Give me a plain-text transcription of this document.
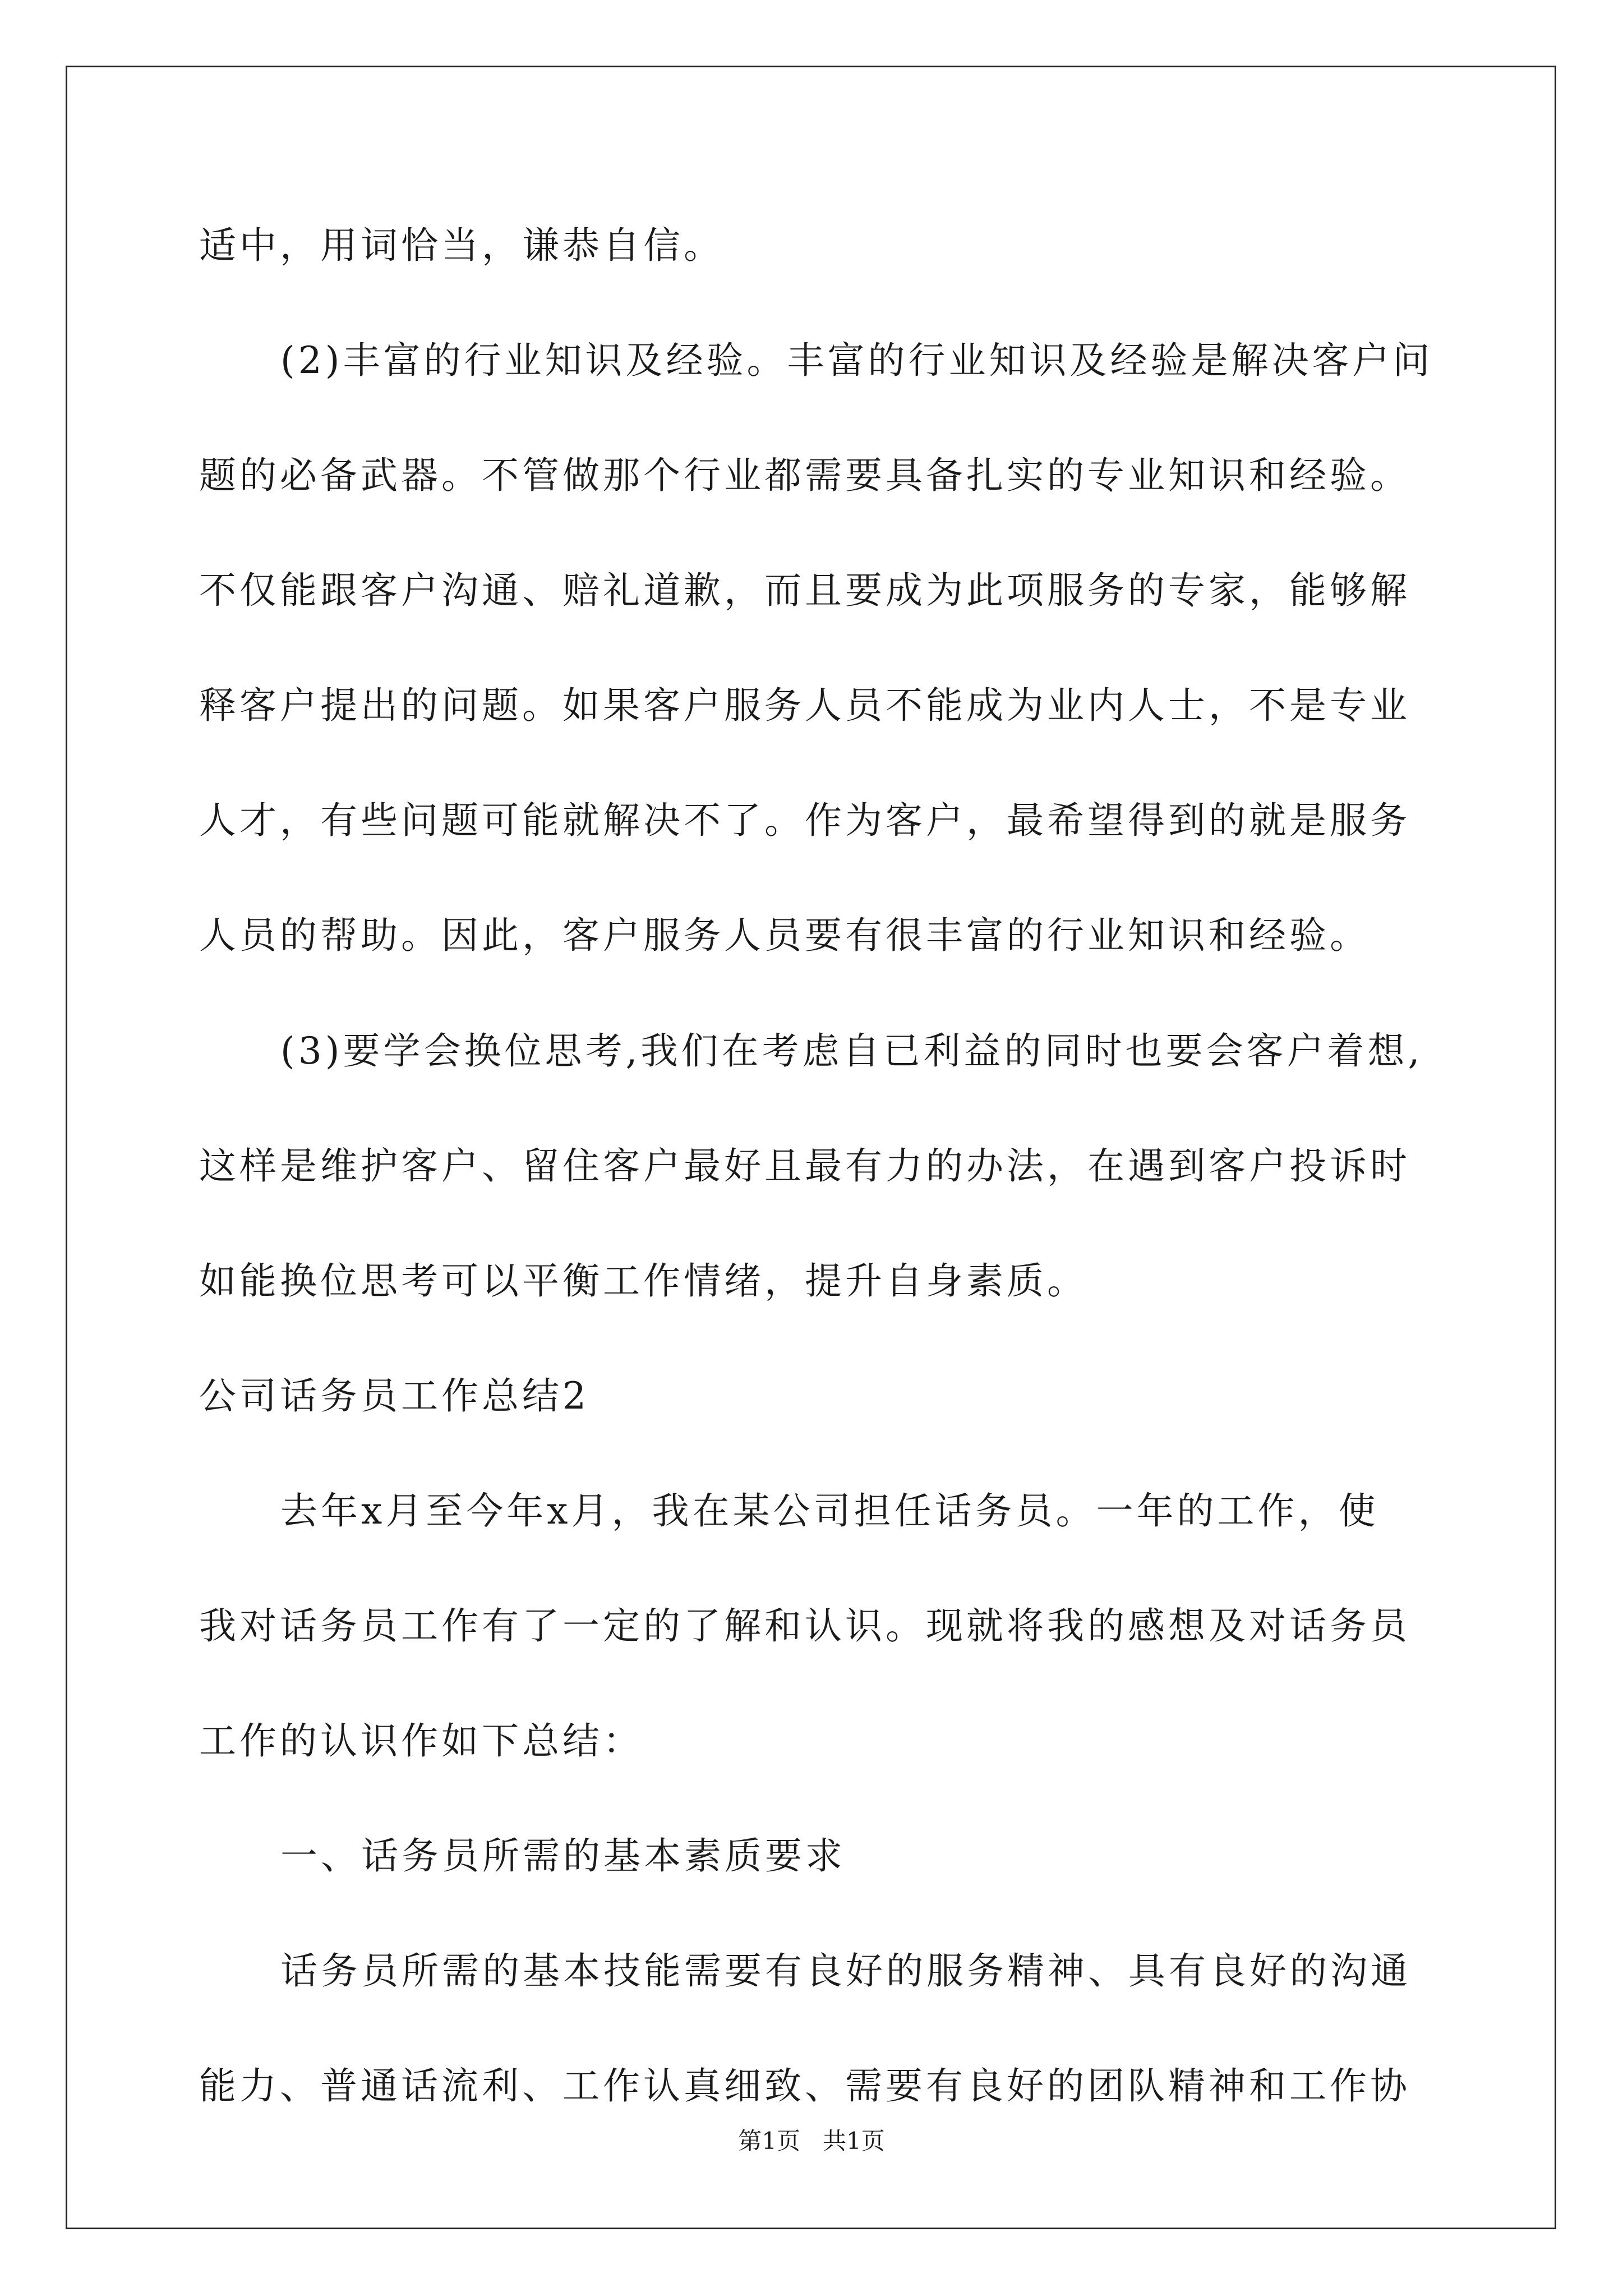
适中，用词恰当，谦恭自信。
(2)丰富的行业知识及经验。丰富的行业知识及经验是解决客户问
题的必备武器。不管做那个行业都需要具备扎实的专业知识和经验。
不仅能跟客户沟通、赔礼道歉，而且要成为此项服务的专家，能够解
释客户提出的问题。如果客户服务人员不能成为业内人士，不是专业
人才，有些问题可能就解决不了。作为客户，最希望得到的就是服务
人员的帮助。因此，客户服务人员要有很丰富的行业知识和经验。
(3)要学会换位思考,我们在考虑自已利益的同时也要会客户着想,
这样是维护客户、留住客户最好且最有力的办法，在遇到客户投诉时
如能换位思考可以平衡工作情绪，提升自身素质。
公司话务员工作总结2
去年x月至今年x月，我在某公司担任话务员。一年的工作，使
我对话务员工作有了一定的了解和认识。现就将我的感想及对话务员
工作的认识作如下总结：
一、话务员所需的基本素质要求
话务员所需的基本技能需要有良好的服务精神、具有良好的沟通
能力、普通话流利、工作认真细致、需要有良好的团队精神和工作协
第1页   共1页
